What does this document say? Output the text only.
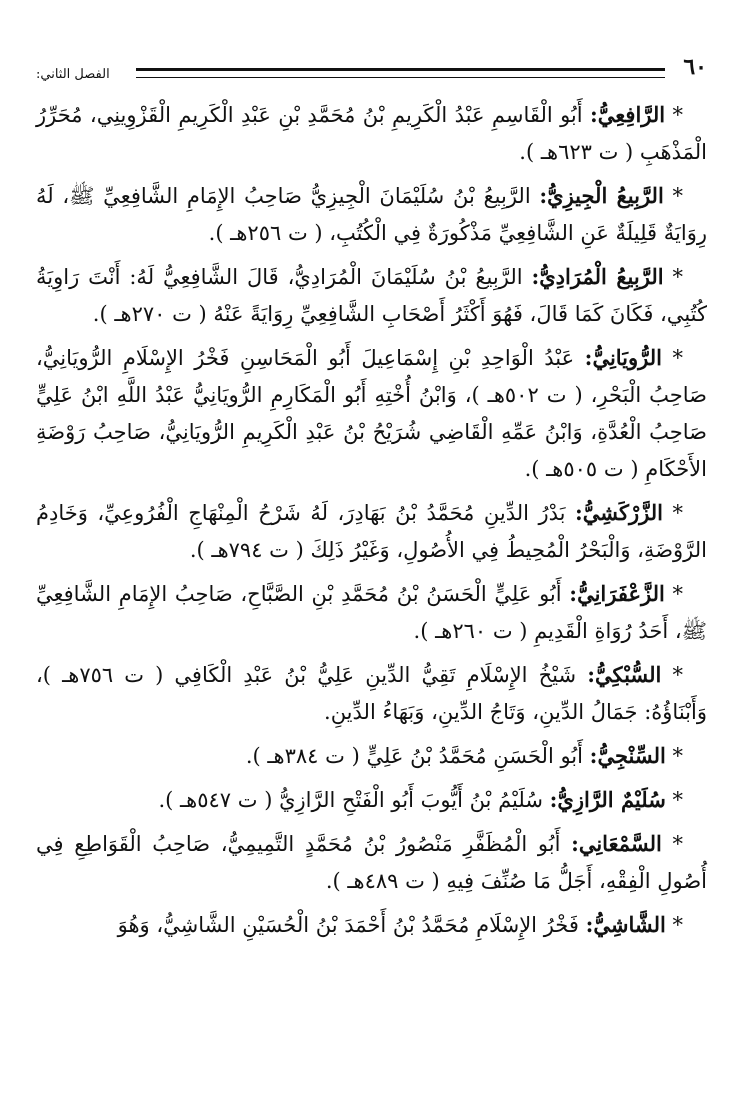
٦٠
الفصل الثاني:

* الرَّافِعِيُّ: أَبُو الْقَاسِمِ عَبْدُ الْكَرِيمِ بْنُ مُحَمَّدِ بْنِ عَبْدِ الْكَرِيمِ الْقَزْوِينِي، مُحَرِّرُ الْمَذْهَبِ ( ت ٦٢٣هـ ).

* الرَّبِيعُ الْجِيزِيُّ: الرَّبِيعُ بْنُ سُلَيْمَانَ الْجِيزِيُّ صَاحِبُ الإِمَامِ الشَّافِعِيِّ ﷺ، لَهُ رِوَايَةٌ قَلِيلَةٌ عَنِ الشَّافِعِيِّ مَذْكُورَةٌ فِي الْكُتُبِ، ( ت ٢٥٦هـ ).

* الرَّبِيعُ الْمُرَادِيُّ: الرَّبِيعُ بْنُ سُلَيْمَانَ الْمُرَادِيُّ، قَالَ الشَّافِعِيُّ لَهُ: أَنْتَ رَاوِيَةُ كُتُبِي، فَكَانَ كَمَا قَالَ، فَهُوَ أَكْثَرُ أَصْحَابِ الشَّافِعِيِّ رِوَايَةً عَنْهُ ( ت ٢٧٠هـ ).

* الرُّويَانِيُّ: عَبْدُ الْوَاحِدِ بْنِ إِسْمَاعِيلَ أَبُو الْمَحَاسِنِ فَخْرُ الإِسْلَامِ الرُّويَانِيُّ، صَاحِبُ الْبَحْرِ، ( ت ٥٠٢هـ )، وَابْنُ أُخْتِهِ أَبُو الْمَكَارِمِ الرُّويَانِيُّ عَبْدُ اللَّهِ ابْنُ عَلِيٍّ صَاحِبُ الْعُدَّةِ، وَابْنُ عَمِّهِ الْقَاضِي شُرَيْحُ بْنُ عَبْدِ الْكَرِيمِ الرُّويَانِيُّ، صَاحِبُ رَوْضَةِ الأَحْكَامِ ( ت ٥٠٥هـ ).

* الزَّرْكَشِيُّ: بَدْرُ الدِّينِ مُحَمَّدُ بْنُ بَهَادِرَ، لَهُ شَرْحُ الْمِنْهَاجِ الْفُرُوعِيِّ، وَخَادِمُ الرَّوْضَةِ، وَالْبَحْرُ الْمُحِيطُ فِي الأُصُولِ، وَغَيْرُ ذَلِكَ ( ت ٧٩٤هـ ).

* الزَّعْفَرَانِيُّ: أَبُو عَلِيٍّ الْحَسَنُ بْنُ مُحَمَّدِ بْنِ الصَّبَّاحِ، صَاحِبُ الإِمَامِ الشَّافِعِيِّ ﷺ، أَحَدُ رُوَاةِ الْقَدِيمِ ( ت ٢٦٠هـ ).

* السُّبْكِيُّ: شَيْخُ الإِسْلَامِ تَقِيُّ الدِّينِ عَلِيُّ بْنُ عَبْدِ الْكَافِي ( ت ٧٥٦هـ )، وَأَبْنَاؤُهُ: جَمَالُ الدِّينِ، وَتَاجُ الدِّينِ، وَبَهَاءُ الدِّينِ.

* السِّنْجِيُّ: أَبُو الْحَسَنِ مُحَمَّدُ بْنُ عَلِيٍّ ( ت ٣٨٤هـ ).

* سُلَيْمٌ الرَّازِيُّ: سُلَيْمُ بْنُ أَيُّوبَ أَبُو الْفَتْحِ الرَّازِيُّ ( ت ٥٤٧هـ ).

* السَّمْعَانِي: أَبُو الْمُظَفَّرِ مَنْصُورُ بْنُ مُحَمَّدٍ التَّمِيمِيُّ، صَاحِبُ الْقَوَاطِعِ فِي أُصُولِ الْفِقْهِ، أَجَلُّ مَا صُنِّفَ فِيهِ ( ت ٤٨٩هـ ).

* الشَّاشِيُّ: فَخْرُ الإِسْلَامِ مُحَمَّدُ بْنُ أَحْمَدَ بْنُ الْحُسَيْنِ الشَّاشِيُّ، وَهُوَ
